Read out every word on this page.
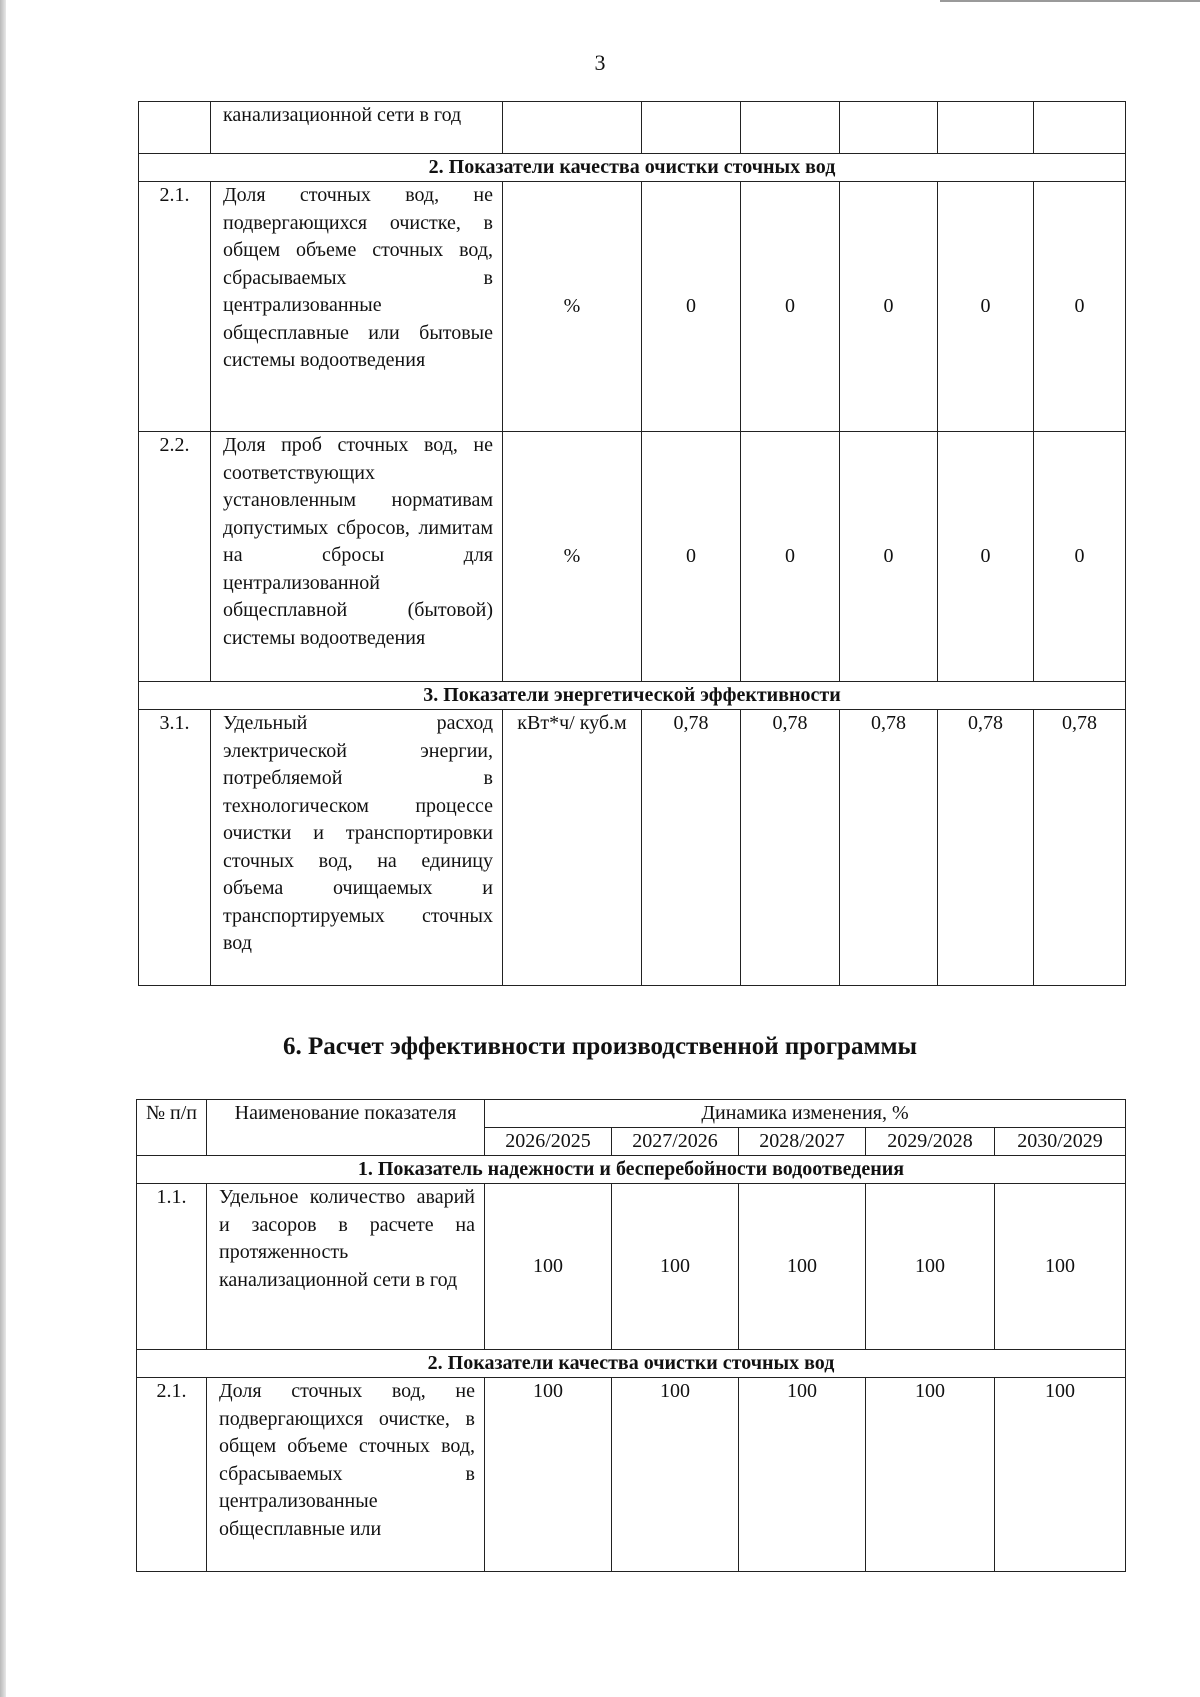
3
	канализационной сети в год						
2. Показатели качества очистки сточных вод							
2.1.	Доля сточных вод, не подвергающихся очистке, в общем объеме сточных вод, сбрасываемых в централизованные общесплавные или бытовые системы водоотведения	%	0	0	0	0	0
2.2.	Доля проб сточных вод, не соответствующих установленным нормативам допустимых сбросов, лимитам на сбросы для централизованной общесплавной (бытовой) системы водоотведения	%	0	0	0	0	0
3. Показатели энергетической эффективности							
3.1.	Удельный расход электрической энергии, потребляемой в технологическом процессе очистки и транспортировки сточных вод, на единицу объема очищаемых и транспортируемых сточных вод	кВт*ч/ куб.м	0,78	0,78	0,78	0,78	0,78
6. Расчет эффективности производственной программы
№ п/п	Наименование показателя	Динамика изменения, %				
		2026/2025	2027/2026	2028/2027	2029/2028	2030/2029
1. Показатель надежности и бесперебойности водоотведения						
1.1.	Удельное количество аварий и засоров в расчете на протяженность канализационной сети в год	100	100	100	100	100
2. Показатели качества очистки сточных вод						
2.1.	Доля сточных вод, не подвергающихся очистке, в общем объеме сточных вод, сбрасываемых в централизованные общесплавные или	100	100	100	100	100
